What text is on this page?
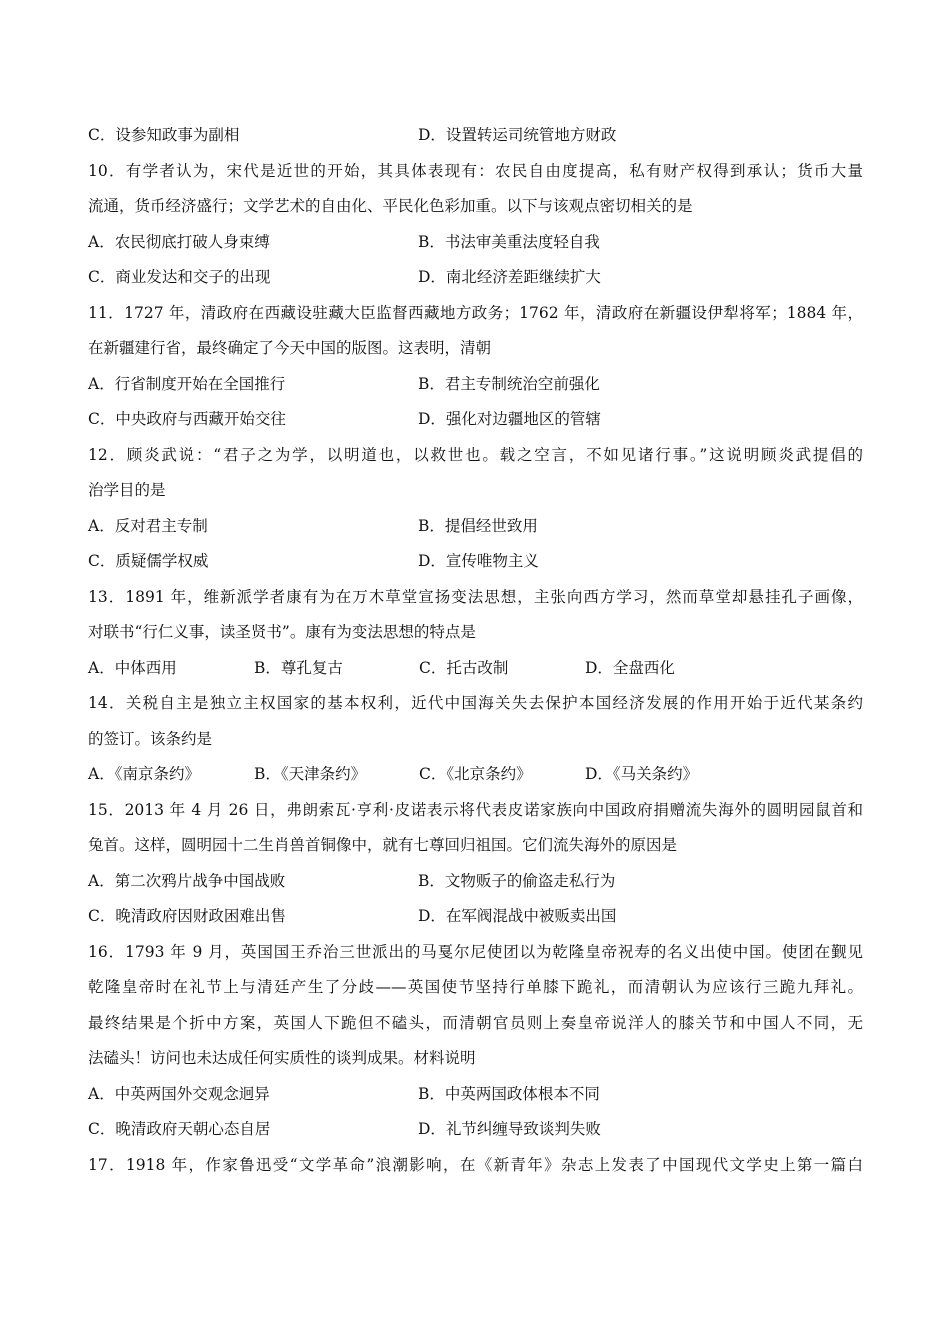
C．设参知政事为副相	D．设置转运司统管地方财政
10．有学者认为，宋代是近世的开始，其具体表现有：农民自由度提高，私有财产权得到承认；货币大量
流通，货币经济盛行；文学艺术的自由化、平民化色彩加重。以下与该观点密切相关的是
A．农民彻底打破人身束缚	B．书法审美重法度轻自我
C．商业发达和交子的出现	D．南北经济差距继续扩大
11．1727 年，清政府在西藏设驻藏大臣监督西藏地方政务；1762 年，清政府在新疆设伊犁将军；1884 年，
在新疆建行省，最终确定了今天中国的版图。这表明，清朝
A．行省制度开始在全国推行	B．君主专制统治空前强化
C．中央政府与西藏开始交往	D．强化对边疆地区的管辖
12．顾炎武说：“君子之为学，以明道也，以救世也。载之空言，不如见诸行事。”这说明顾炎武提倡的
治学目的是
A．反对君主专制	B．提倡经世致用
C．质疑儒学权威	D．宣传唯物主义
13．1891 年，维新派学者康有为在万木草堂宣扬变法思想，主张向西方学习，然而草堂却悬挂孔子画像，
对联书“行仁义事，读圣贤书”。康有为变法思想的特点是
A．中体西用	B．尊孔复古	C．托古改制	D．全盘西化
14．关税自主是独立主权国家的基本权利，近代中国海关失去保护本国经济发展的作用开始于近代某条约
的签订。该条约是
A．《南京条约》	B．《天津条约》	C．《北京条约》	D．《马关条约》
15．2013 年 4 月 26 日，弗朗索瓦·亨利·皮诺表示将代表皮诺家族向中国政府捐赠流失海外的圆明园鼠首和
兔首。这样，圆明园十二生肖兽首铜像中，就有七尊回归祖国。它们流失海外的原因是
A．第二次鸦片战争中国战败	B．文物贩子的偷盗走私行为
C．晚清政府因财政困难出售	D．在军阀混战中被贩卖出国
16．1793 年 9 月，英国国王乔治三世派出的马戛尔尼使团以为乾隆皇帝祝寿的名义出使中国。使团在觐见
乾隆皇帝时在礼节上与清廷产生了分歧——英国使节坚持行单膝下跪礼，而清朝认为应该行三跪九拜礼。
最终结果是个折中方案，英国人下跪但不磕头，而清朝官员则上奏皇帝说洋人的膝关节和中国人不同，无
法磕头！访问也未达成任何实质性的谈判成果。材料说明
A．中英两国外交观念迥异	B．中英两国政体根本不同
C．晚清政府天朝心态自居	D．礼节纠缠导致谈判失败
17．1918 年，作家鲁迅受“文学革命”浪潮影响，在《新青年》杂志上发表了中国现代文学史上第一篇白
